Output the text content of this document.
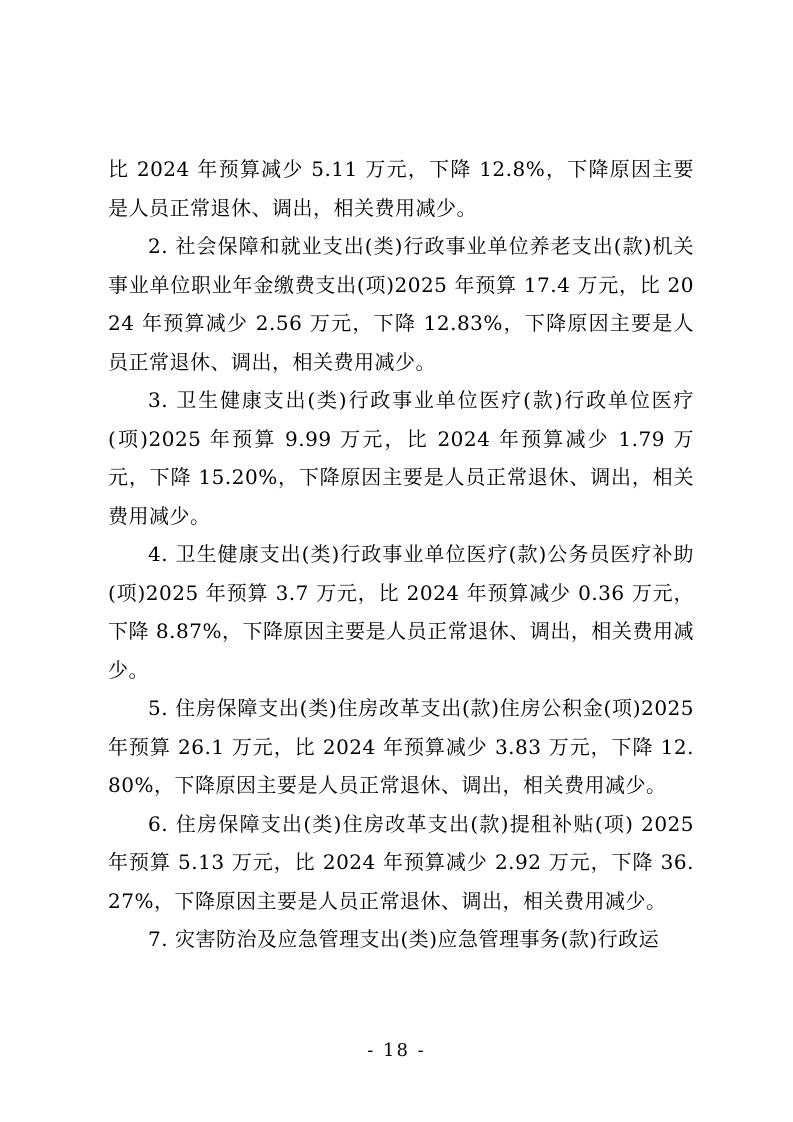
比 2024 年预算减少 5.11 万元，下降 12.8%，下降原因主要是人员正常退休、调出，相关费用减少。

2. 社会保障和就业支出(类)行政事业单位养老支出(款)机关事业单位职业年金缴费支出(项)2025 年预算 17.4 万元，比 2024 年预算减少 2.56 万元，下降 12.83%，下降原因主要是人员正常退休、调出，相关费用减少。

3. 卫生健康支出(类)行政事业单位医疗(款)行政单位医疗(项)2025 年预算 9.99 万元，比 2024 年预算减少 1.79 万元，下降 15.20%，下降原因主要是人员正常退休、调出，相关费用减少。

4. 卫生健康支出(类)行政事业单位医疗(款)公务员医疗补助(项)2025 年预算 3.7 万元，比 2024 年预算减少 0.36 万元，下降 8.87%，下降原因主要是人员正常退休、调出，相关费用减少。

5. 住房保障支出(类)住房改革支出(款)住房公积金(项)2025 年预算 26.1 万元，比 2024 年预算减少 3.83 万元，下降 12.80%，下降原因主要是人员正常退休、调出，相关费用减少。

6. 住房保障支出(类)住房改革支出(款)提租补贴(项) 2025 年预算 5.13 万元，比 2024 年预算减少 2.92 万元，下降 36.27%，下降原因主要是人员正常退休、调出，相关费用减少。

7. 灾害防治及应急管理支出(类)应急管理事务(款)行政运

- 18 -
